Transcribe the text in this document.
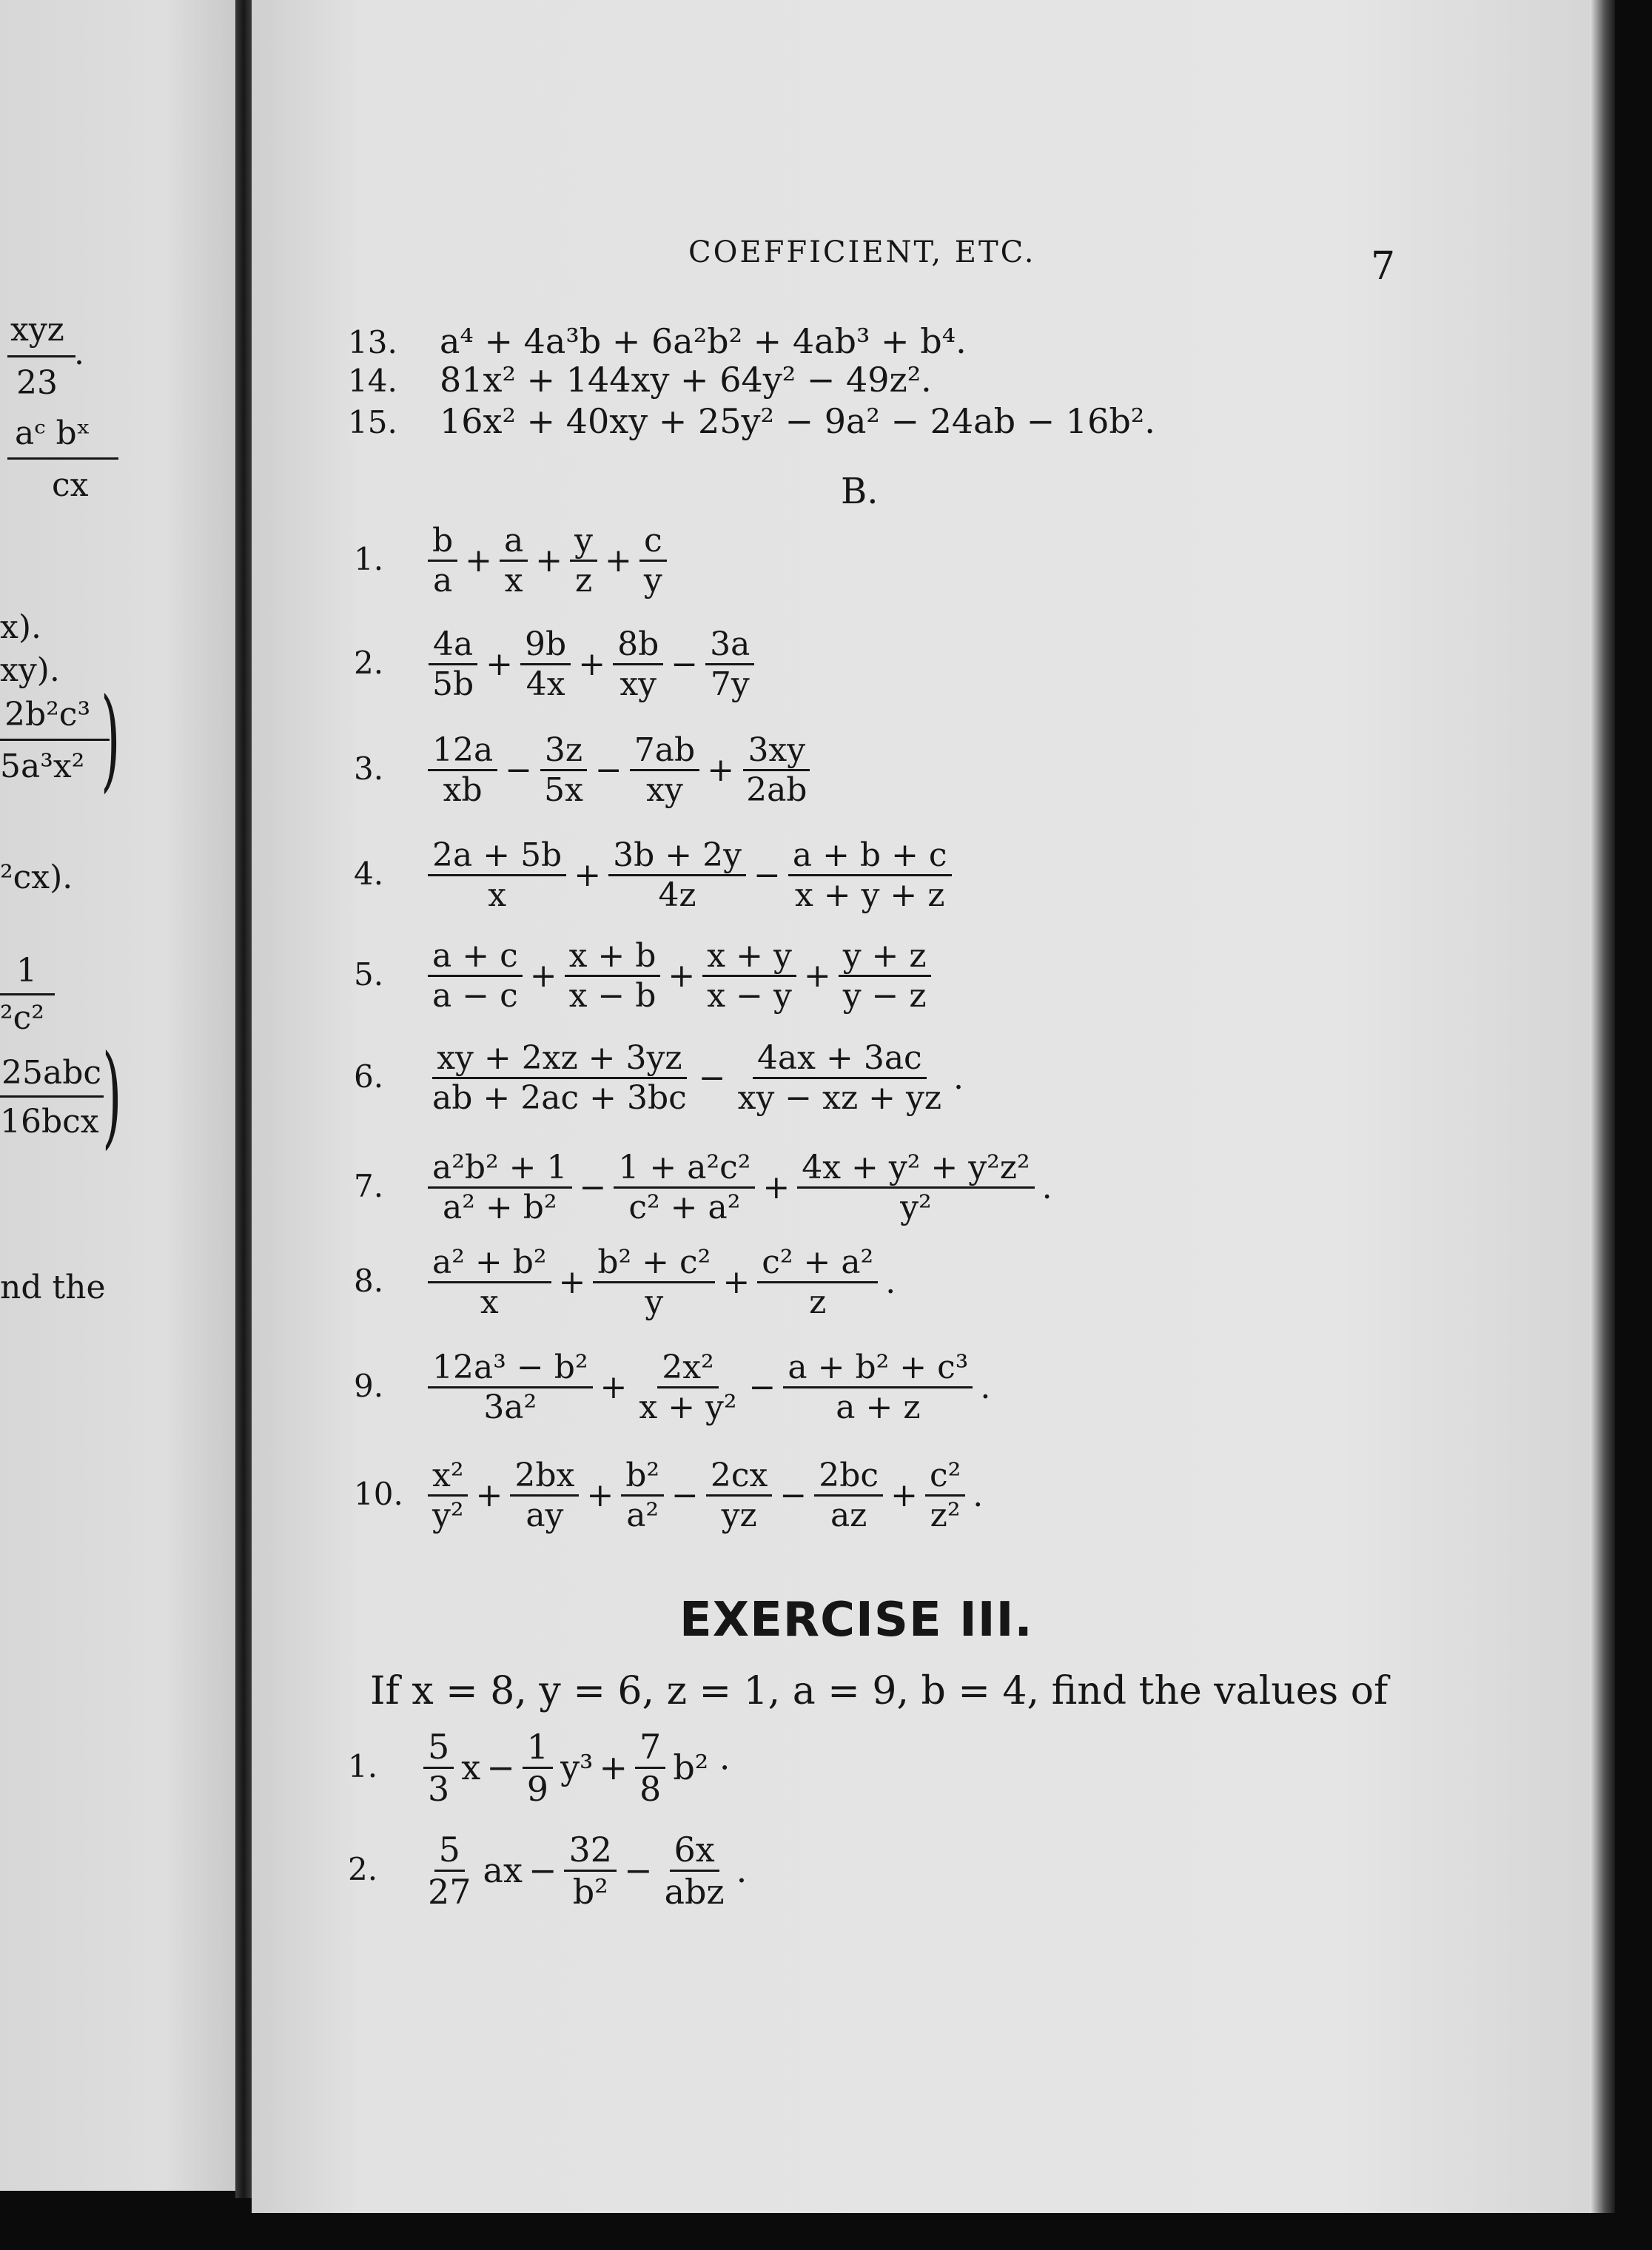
xyz
23
.
aᶜ bˣ
cx
x).
xy).
2b²c³
5a³x² )
²cx).
1
²c²
25abc
16bcx )
nd the
COEFFICIENT, ETC.	7
13. a⁴ + 4a³b + 6a²b² + 4ab³ + b⁴.
14. 81x² + 144xy + 64y² − 49z².
15. 16x² + 40xy + 25y² − 9a² − 24ab − 16b².
B.
1. $\frac{b}{a} + \frac{a}{x} + \frac{y}{z} + \frac{c}{y}$
2. $\frac{4a}{5b} + \frac{9b}{4x} + \frac{8b}{xy} - \frac{3a}{7y}$
3. $\frac{12a}{xb} - \frac{3z}{5x} - \frac{7ab}{xy} + \frac{3xy}{2ab}$
4. $\frac{2a + 5b}{x} + \frac{3b + 2y}{4z} - \frac{a + b + c}{x + y + z}$
5. $\frac{a + c}{a - c} + \frac{x + b}{x - b} + \frac{x + y}{x - y} + \frac{y + z}{y - z}$
6. $\frac{xy + 2xz + 3yz}{ab + 2ac + 3bc} - \frac{4ax + 3ac}{xy - xz + yz}$ .
7. $\frac{\text{a²b² + 1}}{\text{a² + b²}} - \frac{\text{1 + a²c²}}{\text{c² + a²}} + \frac{\text{4x + y² + y²z²}}{\text{y²}}$ .
8. $\frac{\text{a² + b²}}{x} + \frac{\text{b² + c²}}{y} + \frac{\text{c² + a²}}{z}$ .
9. $\frac{\text{12a³ − b²}}{\text{3a²}} + \frac{\text{2x²}}{\text{x + y²}} - \frac{\text{a + b² + c³}}{a + z}$ .
10. $\frac{\text{x²}}{\text{y²}} + \frac{2bx}{ay} + \frac{\text{b²}}{\text{a²}} - \frac{2cx}{yz} - \frac{2bc}{az} + \frac{\text{c²}}{\text{z²}}$ .
EXERCISE III.
If x = 8, y = 6, z = 1, a = 9, b = 4, find the values of
1. $\frac{5}{3}$ $x - \frac{1}{9} y^3 + \frac{7}{8} b^2$ ·
2. $\frac{5}{27}$ ax − $\frac{32}{\text{b²}} - \frac{6x}{\text{abz}}$ .
